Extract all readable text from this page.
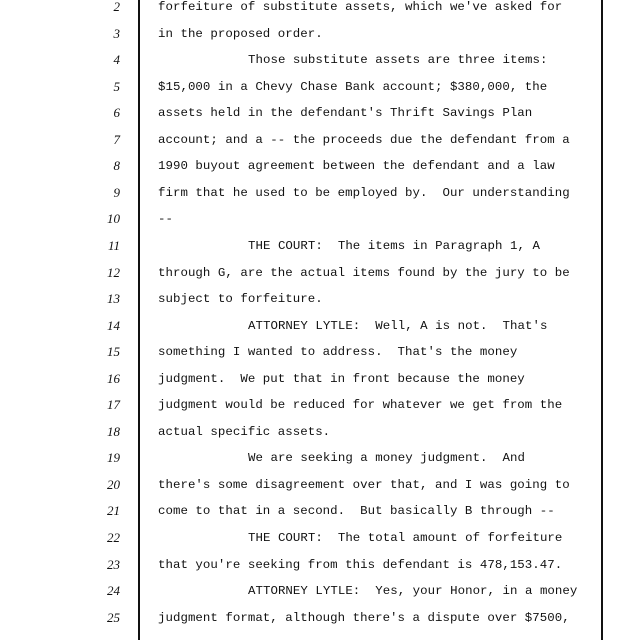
2	forfeiture of substitute assets, which we've asked for
3	in the proposed order.
4	Those substitute assets are three items:
5	$15,000 in a Chevy Chase Bank account; $380,000, the
6	assets held in the defendant's Thrift Savings Plan
7	account; and a -- the proceeds due the defendant from a
8	1990 buyout agreement between the defendant and a law
9	firm that he used to be employed by.  Our understanding
10	--
11	THE COURT:  The items in Paragraph 1, A
12	through G, are the actual items found by the jury to be
13	subject to forfeiture.
14	ATTORNEY LYTLE:  Well, A is not.  That's
15	something I wanted to address.  That's the money
16	judgment.  We put that in front because the money
17	judgment would be reduced for whatever we get from the
18	actual specific assets.
19	We are seeking a money judgment.  And
20	there's some disagreement over that, and I was going to
21	come to that in a second.  But basically B through --
22	THE COURT:  The total amount of forfeiture
23	that you're seeking from this defendant is 478,153.47.
24	ATTORNEY LYTLE:  Yes, your Honor, in a money
25	judgment format, although there's a dispute over $7500,
